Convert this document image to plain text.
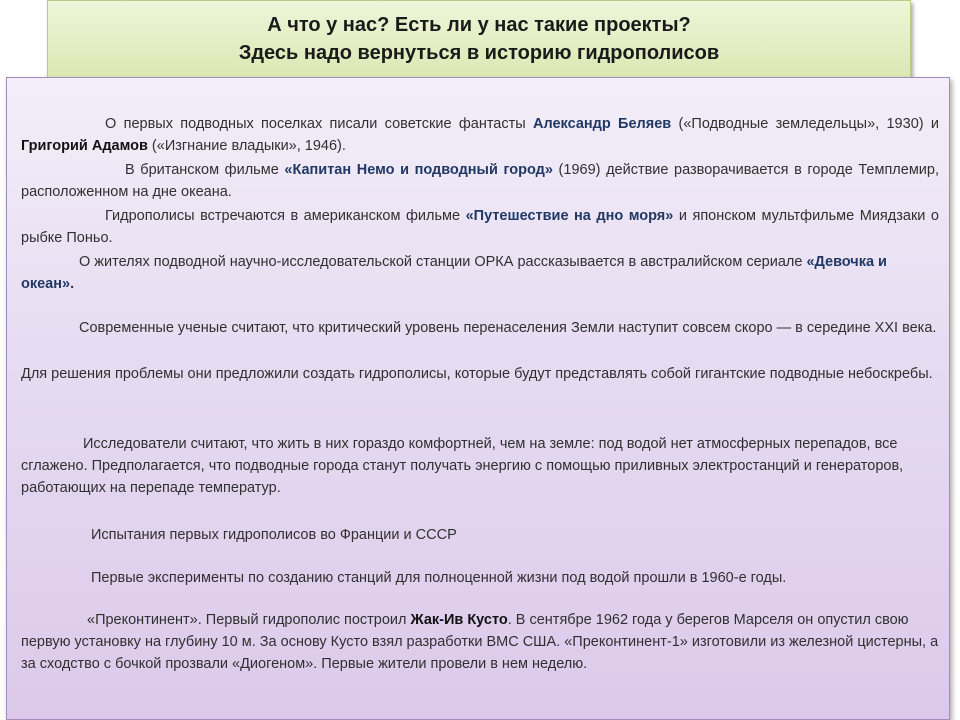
А что у нас? Есть ли у нас такие проекты?
Здесь надо вернуться в историю гидрополисов
О первых подводных поселках писали советские фантасты Александр Беляев («Подводные земледельцы», 1930) и Григорий Адамов («Изгнание владыки», 1946).
В британском фильме «Капитан Немо и подводный город» (1969) действие разворачивается в городе Темплемир, расположенном на дне океана.
Гидрополисы встречаются в американском фильме «Путешествие на дно моря» и японском мультфильме Миядзаки о рыбке Поньо.
О жителях подводной научно-исследовательской станции ОРКА рассказывается в австралийском сериале «Девочка и океан».
Современные ученые считают, что критический уровень перенаселения Земли наступит совсем скоро — в середине XXI века.
Для решения проблемы они предложили создать гидрополисы, которые будут представлять собой гигантские подводные небоскребы.
Исследователи считают, что жить в них гораздо комфортней, чем на земле: под водой нет атмосферных перепадов, все сглажено. Предполагается, что подводные города станут получать энергию с помощью приливных электростанций и генераторов, работающих на перепаде температур.
Испытания первых гидрополисов во Франции и СССР
Первые эксперименты по созданию станций для полноценной жизни под водой прошли в 1960-е годы.
«Преконтинент». Первый гидрополис построил Жак-Ив Кусто. В сентябре 1962 года у берегов Марселя он опустил свою первую установку на глубину 10 м. За основу Кусто взял разработки ВМС США. «Преконтинент-1» изготовили из железной цистерны, а за сходство с бочкой прозвали «Диогеном». Первые жители провели в нем неделю.
